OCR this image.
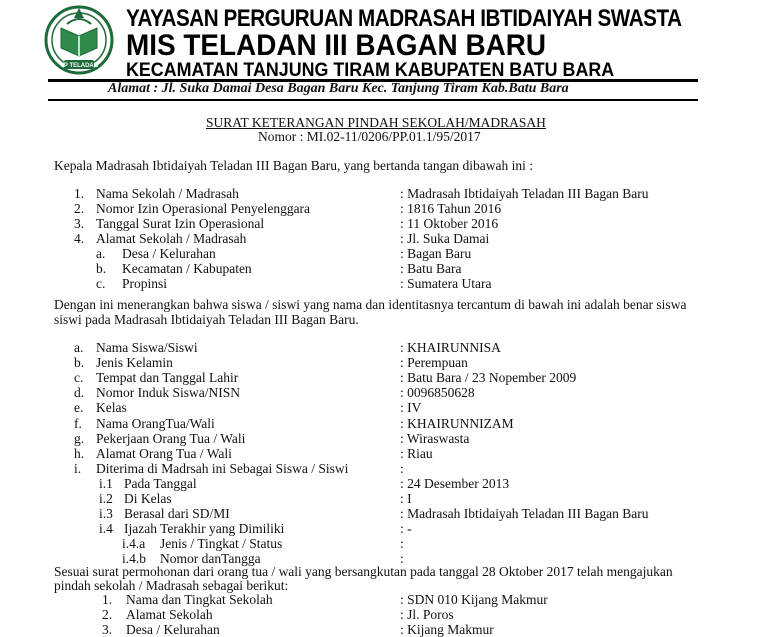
YP TELADAN
YAYASAN PERGURUAN MADRASAH IBTIDAIYAH SWASTA
MIS TELADAN III BAGAN BARU
KECAMATAN TANJUNG TIRAM KABUPATEN BATU BARA
Alamat : Jl. Suka Damai Desa Bagan Baru Kec. Tanjung Tiram Kab.Batu Bara
SURAT KETERANGAN PINDAH SEKOLAH/MADRASAH
Nomor : MI.02-11/0206/PP.01.1/95/2017
Kepala Madrasah Ibtidaiyah Teladan III Bagan Baru, yang bertanda tangan dibawah ini :
1. Nama Sekolah / Madrasah	: Madrasah Ibtidaiyah Teladan III Bagan Baru
2. Nomor Izin Operasional Penyelenggara	: 1816 Tahun 2016
3. Tanggal Surat Izin Operasional	: 11 Oktober 2016
4. Alamat Sekolah / Madrasah	: Jl. Suka Damai
a. Desa / Kelurahan	: Bagan Baru
b. Kecamatan / Kabupaten	: Batu Bara
c. Propinsi	: Sumatera Utara
Dengan ini menerangkan bahwa siswa / siswi yang nama dan identitasnya tercantum di bawah ini adalah benar siswa
siswi pada Madrasah Ibtidaiyah Teladan III Bagan Baru.
a. Nama Siswa/Siswi	: KHAIRUNNISA
b. Jenis Kelamin	: Perempuan
c. Tempat dan Tanggal Lahir	: Batu Bara / 23 Nopember 2009
d. Nomor Induk Siswa/NISN	: 0096850628
e. Kelas	: IV
f. Nama OrangTua/Wali	: KHAIRUNNIZAM
g. Pekerjaan Orang Tua / Wali	: Wiraswasta
h. Alamat Orang Tua / Wali	: Riau
i. Diterima di Madrsah ini Sebagai Siswa / Siswi	:
i.1 Pada Tanggal	: 24 Desember 2013
i.2 Di Kelas	: I
i.3 Berasal dari SD/MI	: Madrasah Ibtidaiyah Teladan III Bagan Baru
i.4 Ijazah Terakhir yang Dimiliki	: -
i.4.a Jenis / Tingkat / Status	:
i.4.b Nomor danTangga	:
Sesuai surat permohonan dari orang tua / wali yang bersangkutan pada tanggal 28 Oktober 2017 telah mengajukan
pindah sekolah / Madrasah sebagai berikut:
1. Nama dan Tingkat Sekolah	: SDN 010 Kijang Makmur
2. Alamat Sekolah	: Jl. Poros
3. Desa / Kelurahan	: Kijang Makmur
